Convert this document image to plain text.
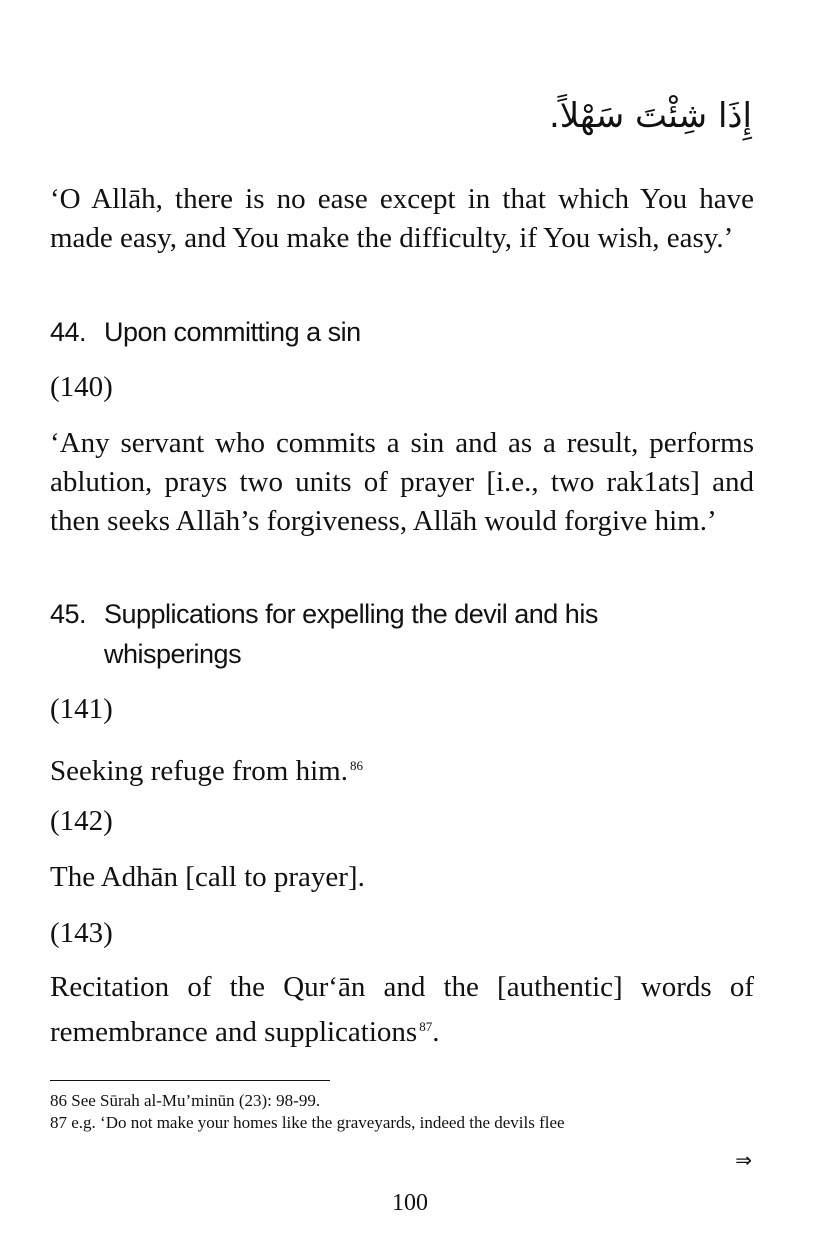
إِذَا شِئْتَ سَهْلاً.

‘O Allāh, there is no ease except in that which You have made easy, and You make the difficulty, if You wish, easy.’

44. Upon committing a sin

(140)

‘Any servant who commits a sin and as a result, performs ablution, prays two units of prayer [i.e., two rak1ats] and then seeks Allāh’s forgiveness, Allāh would forgive him.’

45. Supplications for expelling the devil and his
whisperings

(141)

Seeking refuge from him. $^{86}$

(142)

The Adhān [call to prayer].

(143)

Recitation of the Qur‘ān and the [authentic] words of remembrance and supplications $^{87}$.

86 See Sūrah al-Mu’minūn (23): 98-99.

87 e.g. ‘Do not make your homes like the graveyards, indeed the devils flee

⇒
100
